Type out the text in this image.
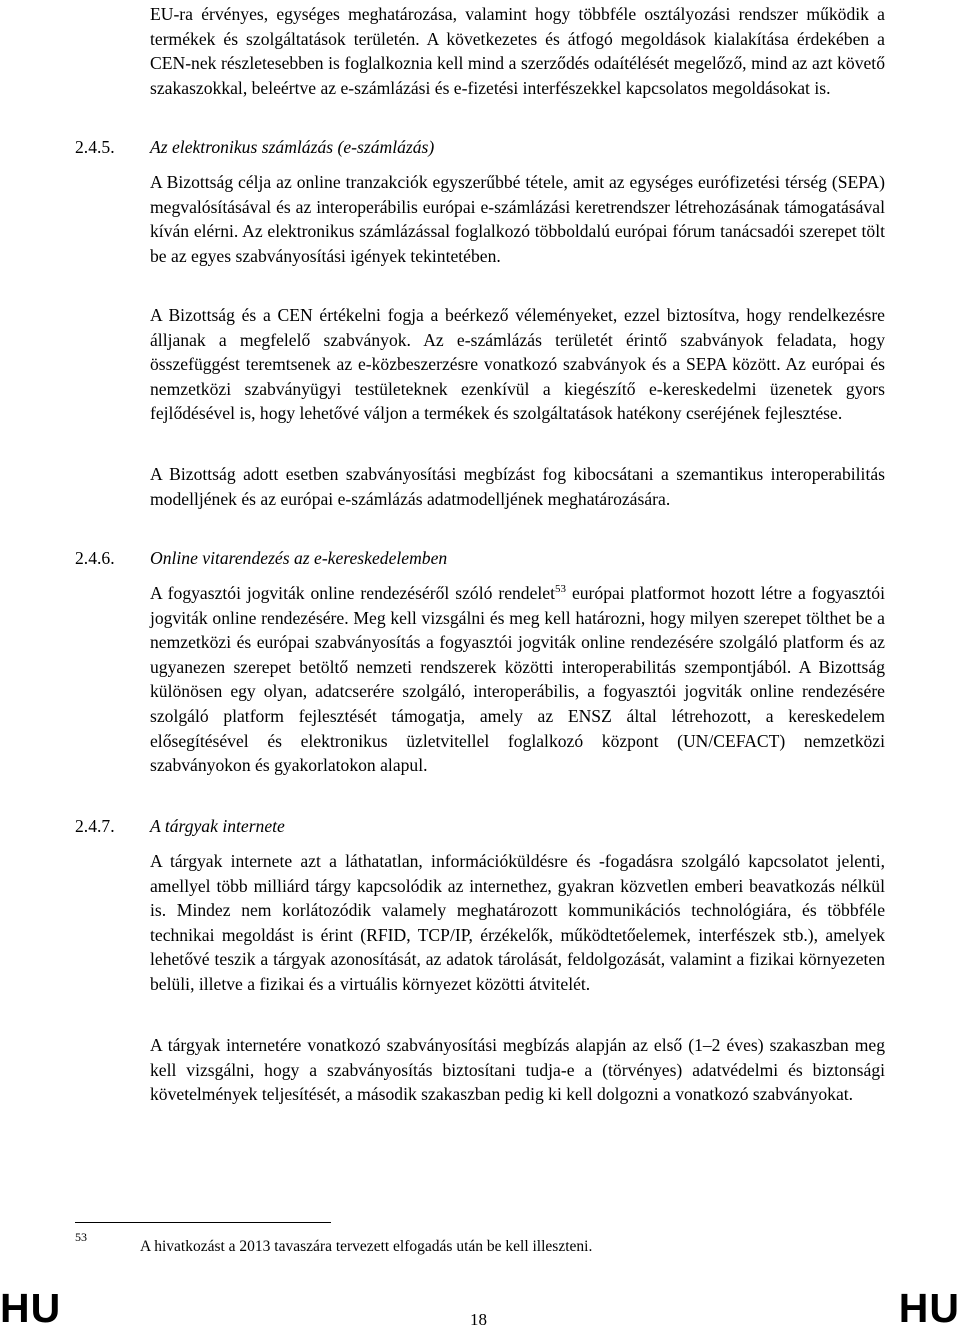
EU-ra érvényes, egységes meghatározása, valamint hogy többféle osztályozási rendszer működik a termékek és szolgáltatások területén. A következetes és átfogó megoldások kialakítása érdekében a CEN-nek részletesebben is foglalkoznia kell mind a szerződés odaítélését megelőző, mind az azt követő szakaszokkal, beleértve az e-számlázási és e-fizetési interfészekkel kapcsolatos megoldásokat is.

2.4.5. Az elektronikus számlázás (e-számlázás)

A Bizottság célja az online tranzakciók egyszerűbbé tétele, amit az egységes eurófizetési térség (SEPA) megvalósításával és az interoperábilis európai e-számlázási keretrendszer létrehozásának támogatásával kíván elérni. Az elektronikus számlázással foglalkozó többoldalú európai fórum tanácsadói szerepet tölt be az egyes szabványosítási igények tekintetében.

A Bizottság és a CEN értékelni fogja a beérkező véleményeket, ezzel biztosítva, hogy rendelkezésre álljanak a megfelelő szabványok. Az e-számlázás területét érintő szabványok feladata, hogy összefüggést teremtsenek az e-közbeszerzésre vonatkozó szabványok és a SEPA között. Az európai és nemzetközi szabványügyi testületeknek ezenkívül a kiegészítő e-kereskedelmi üzenetek gyors fejlődésével is, hogy lehetővé váljon a termékek és szolgáltatások hatékony cseréjének fejlesztése.

A Bizottság adott esetben szabványosítási megbízást fog kibocsátani a szemantikus interoperabilitás modelljének és az európai e-számlázás adatmodelljének meghatározására.

2.4.6. Online vitarendezés az e-kereskedelemben

A fogyasztói jogviták online rendezéséről szóló rendelet$^{53}$ európai platformot hozott létre a fogyasztói jogviták online rendezésére. Meg kell vizsgálni és meg kell határozni, hogy milyen szerepet tölthet be a nemzetközi és európai szabványosítás a fogyasztói jogviták online rendezésére szolgáló platform és az ugyanezen szerepet betöltő nemzeti rendszerek közötti interoperabilitás szempontjából. A Bizottság különösen egy olyan, adatcserére szolgáló, interoperábilis, a fogyasztói jogviták online rendezésére szolgáló platform fejlesztését támogatja, amely az ENSZ által létrehozott, a kereskedelem elősegítésével és elektronikus üzletvitellel foglalkozó központ (UN/CEFACT) nemzetközi szabványokon és gyakorlatokon alapul.

2.4.7. A tárgyak internete

A tárgyak internete azt a láthatatlan, információküldésre és -fogadásra szolgáló kapcsolatot jelenti, amellyel több milliárd tárgy kapcsolódik az internethez, gyakran közvetlen emberi beavatkozás nélkül is. Mindez nem korlátozódik valamely meghatározott kommunikációs technológiára, és többféle technikai megoldást is érint (RFID, TCP/IP, érzékelők, működtetőelemek, interfészek stb.), amelyek lehetővé teszik a tárgyak azonosítását, az adatok tárolását, feldolgozását, valamint a fizikai környezeten belüli, illetve a fizikai és a virtuális környezet közötti átvitelét.

A tárgyak internetére vonatkozó szabványosítási megbízás alapján az első (1–2 éves) szakaszban meg kell vizsgálni, hogy a szabványosítás biztosítani tudja-e a (törvényes) adatvédelmi és biztonsági követelmények teljesítését, a második szakaszban pedig ki kell dolgozni a vonatkozó szabványokat.

53
A hivatkozást a 2013 tavaszára tervezett elfogadás után be kell illeszteni.
HU	18	HU
